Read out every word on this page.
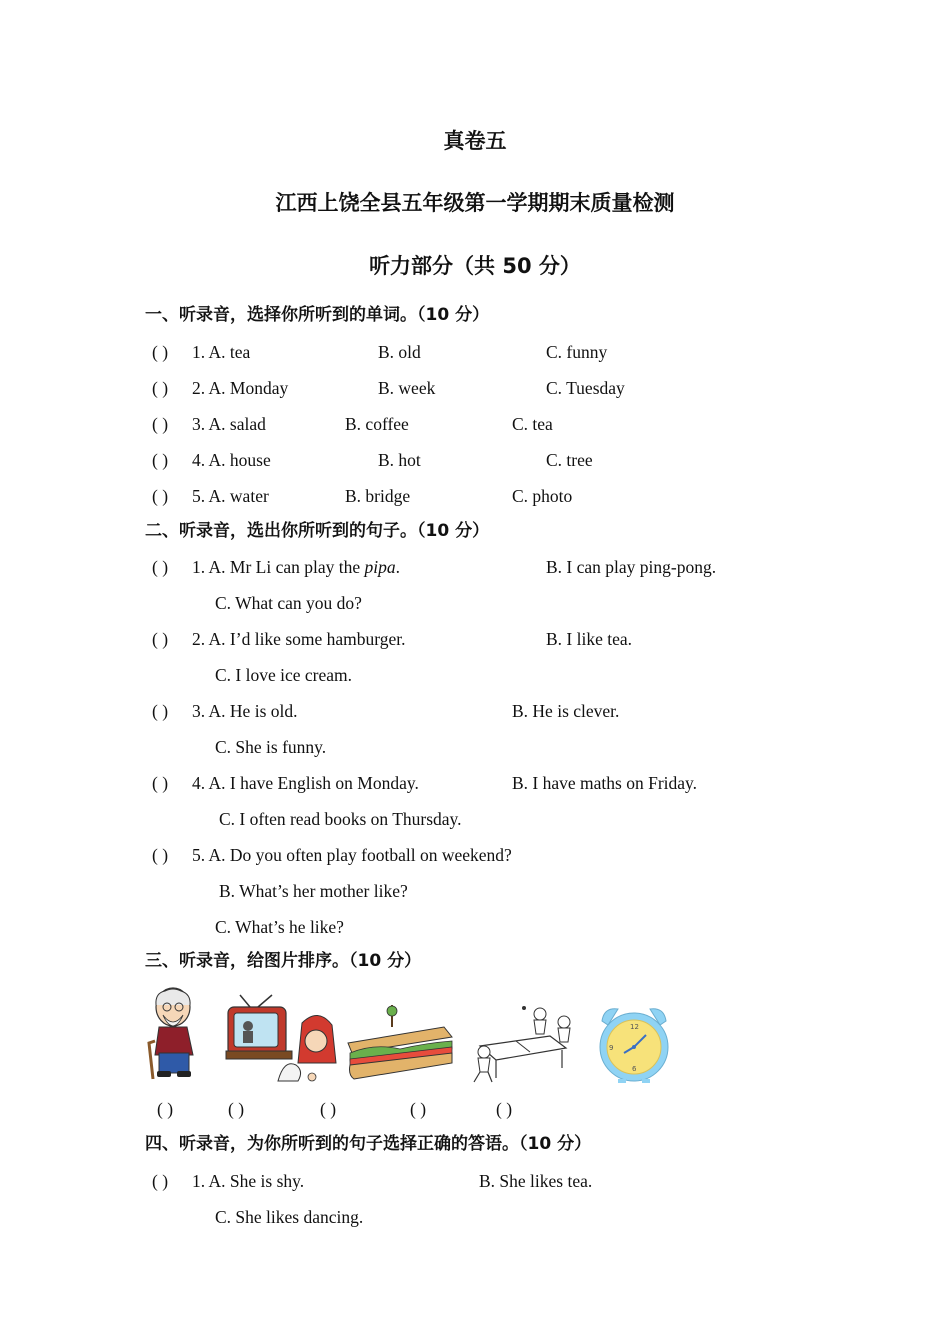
真卷五
江西上饶全县五年级第一学期期末质量检测
听力部分（共 50 分）
一、听录音，选择你所听到的单词。（10 分）
( ) 1. A. tea	B. old	C. funny
( ) 2. A. Monday	B. week	C. Tuesday
( ) 3. A. salad	B. coffee	C. tea
( ) 4. A. house	B. hot	C. tree
( ) 5. A. water	B. bridge	C. photo
二、听录音，选出你所听到的句子。（10 分）
( ) 1. A. Mr Li can play the pipa.	B. I can play ping-pong.
C. What can you do?
( ) 2. A. I’d like some hamburger.	B. I like tea.
C. I love ice cream.
( ) 3. A. He is old.	B. He is clever.
C. She is funny.
( ) 4. A. I have English on Monday.	B. I have maths on Friday.
C. I often read books on Thursday.
( ) 5. A. Do you often play football on weekend?
B. What’s her mother like?
C. What’s he like?
三、听录音，给图片排序。（10 分）
12
9
6
( )	( )	( )	( )	( )
四、听录音，为你所听到的句子选择正确的答语。（10 分）
( ) 1. A. She is shy.	B. She likes tea.
C. She likes dancing.
